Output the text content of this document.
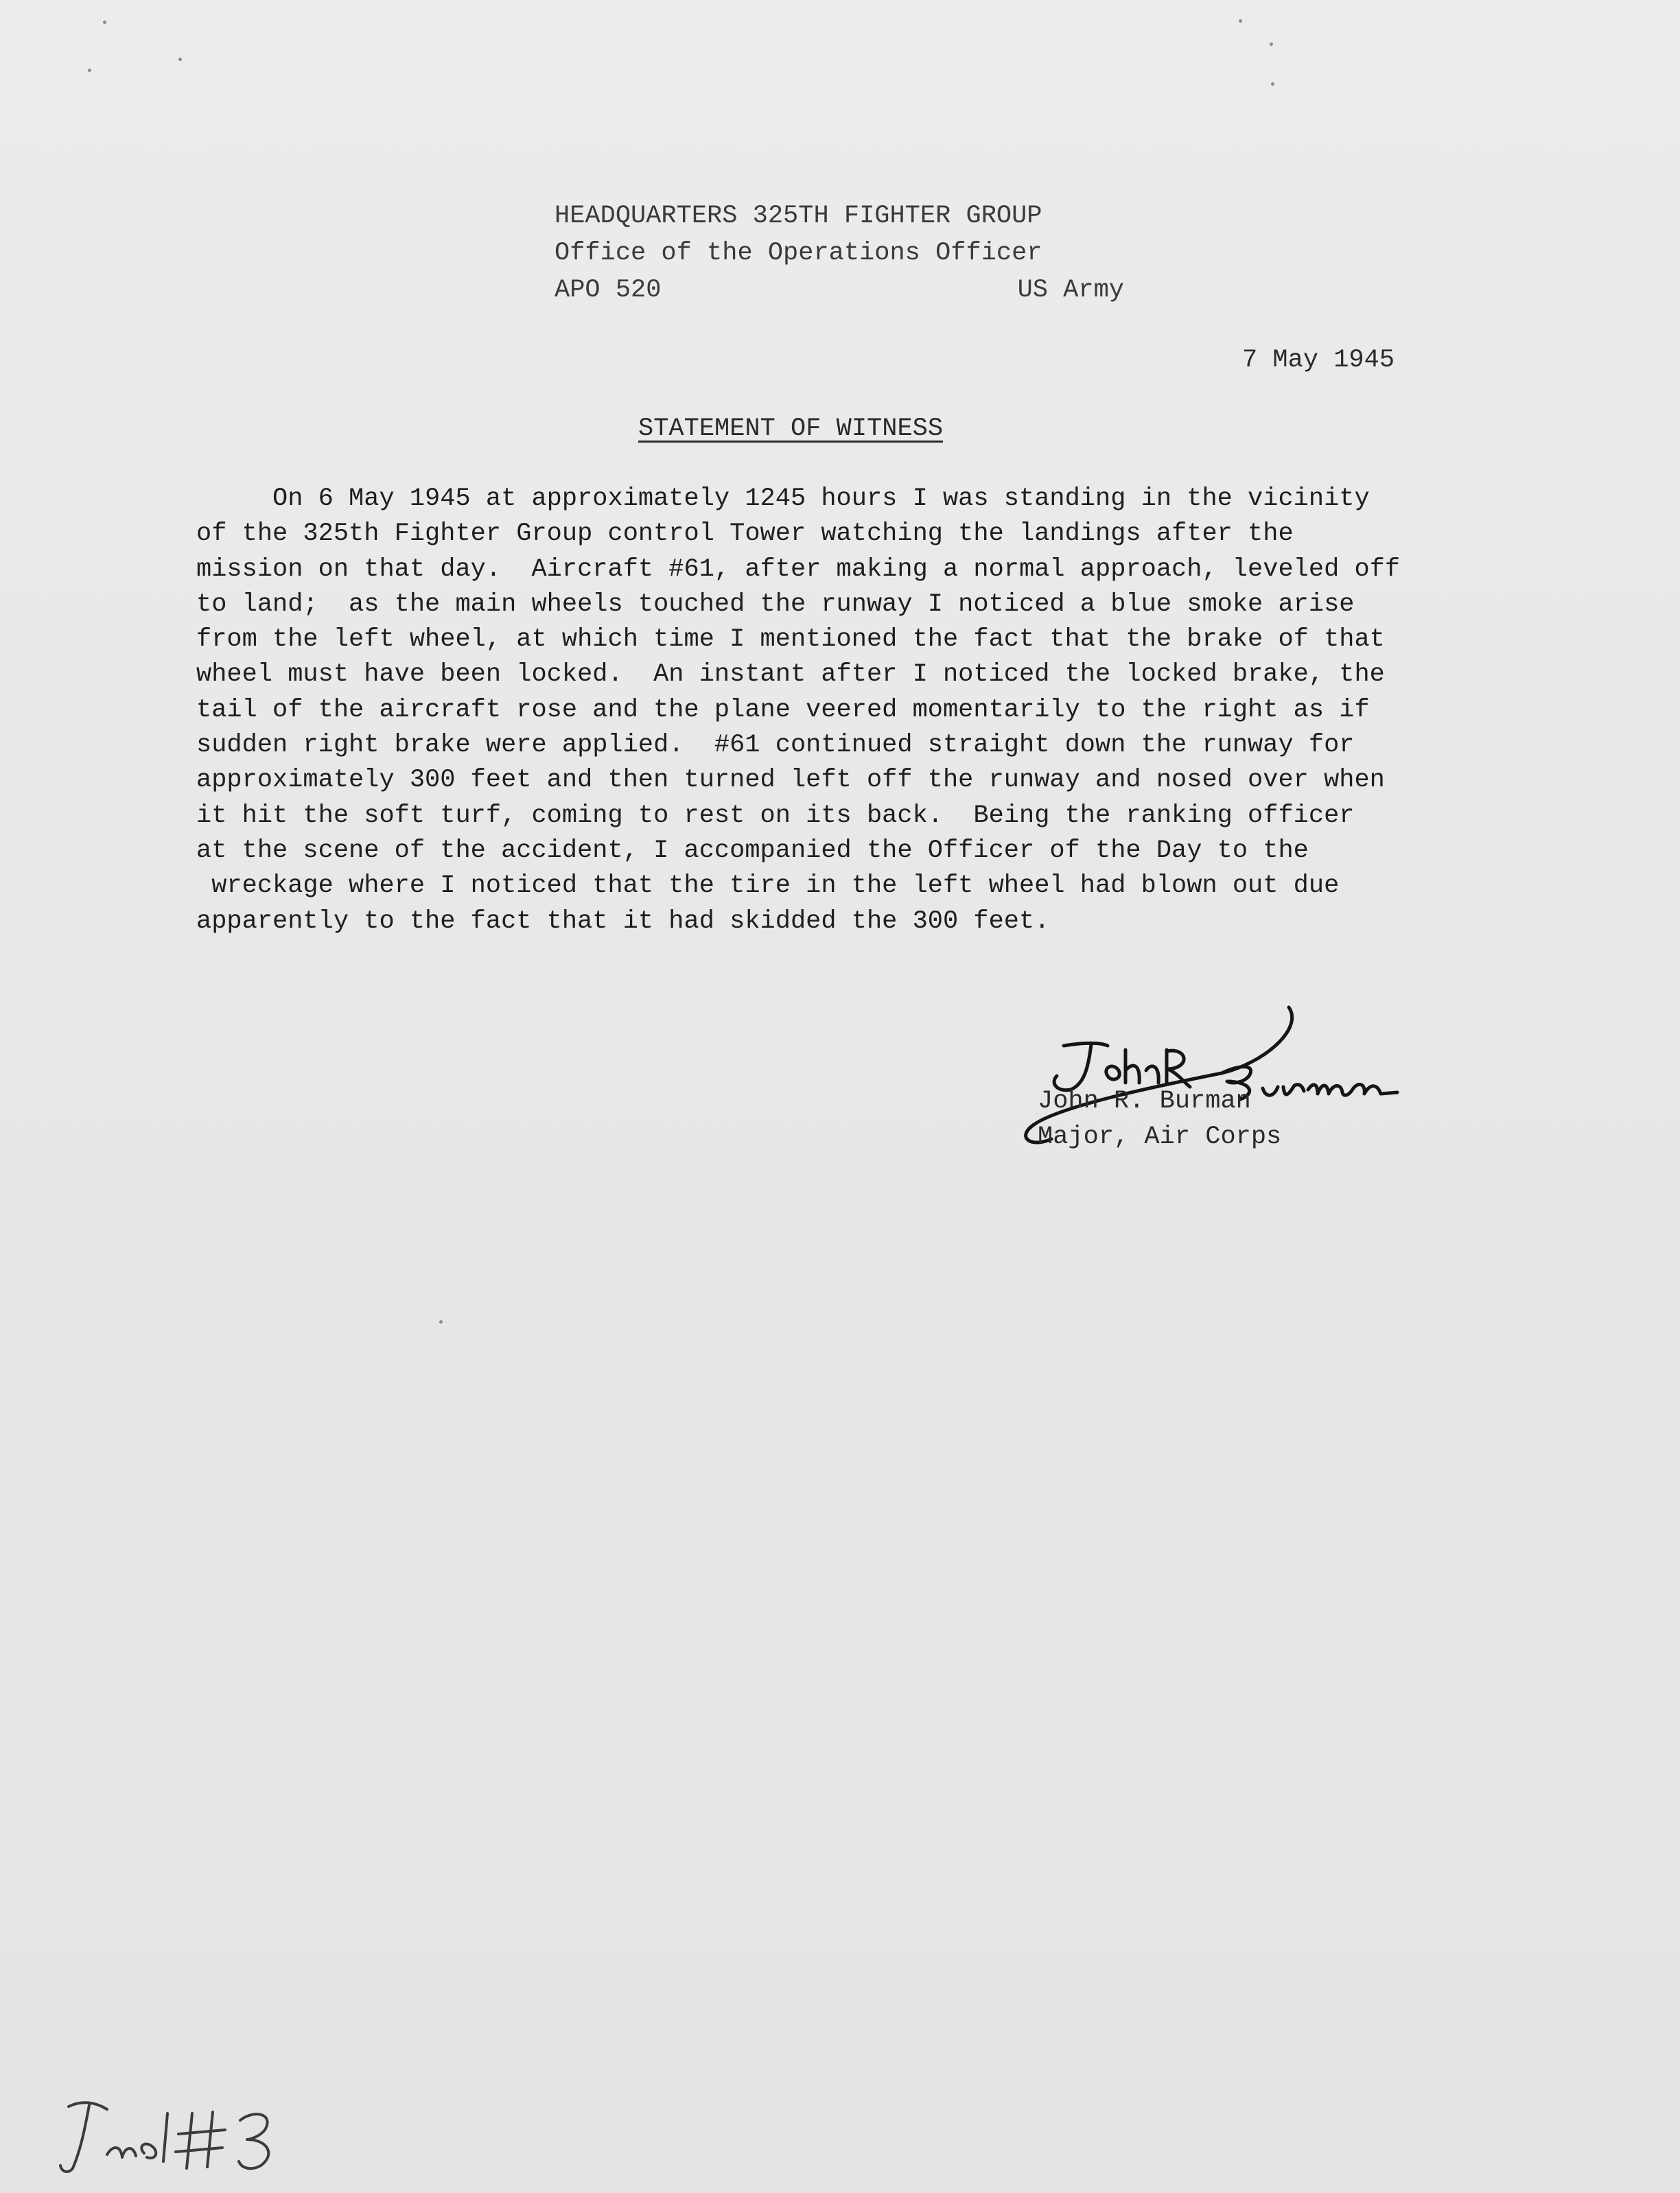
HEADQUARTERS 325TH FIGHTER GROUP
Office of the Operations Officer
APO 520	US Army
7 May 1945
STATEMENT OF WITNESS
On 6 May 1945 at approximately 1245 hours I was standing in the vicinity
of the 325th Fighter Group control Tower watching the landings after the
mission on that day.  Aircraft #61, after making a normal approach, leveled off
to land;  as the main wheels touched the runway I noticed a blue smoke arise
from the left wheel, at which time I mentioned the fact that the brake of that
wheel must have been locked.  An instant after I noticed the locked brake, the
tail of the aircraft rose and the plane veered momentarily to the right as if
sudden right brake were applied.  #61 continued straight down the runway for
approximately 300 feet and then turned left off the runway and nosed over when
it hit the soft turf, coming to rest on its back.  Being the ranking officer
at the scene of the accident, I accompanied the Officer of the Day to the
wreckage where I noticed that the tire in the left wheel had blown out due
apparently to the fact that it had skidded the 300 feet.
John R. Burman
Major, Air Corps
